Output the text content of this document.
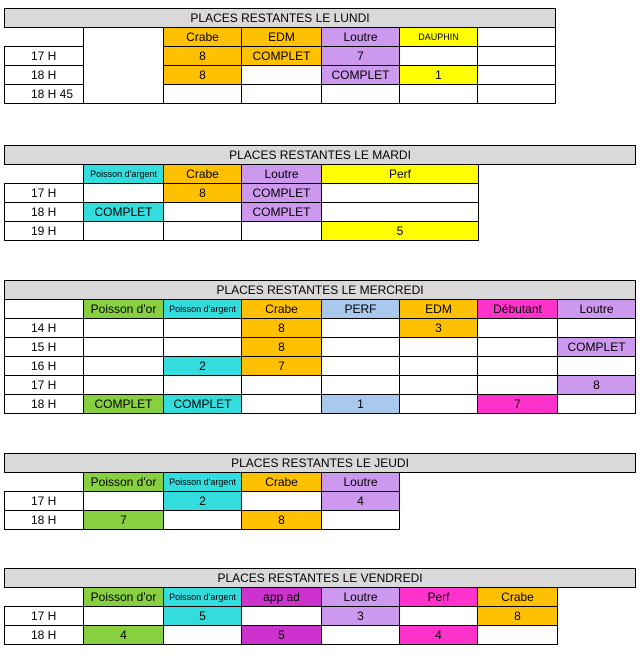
PLACES RESTANTES LE LUNDI						
		Crabe	EDM	Loutre	DAUPHIN	
17 H		8	COMPLET	7		
18 H		8		COMPLET	1	
18 H 45						
PLACES RESTANTES LE MARDI					
	Poisson d'argent	Crabe	Loutre	Perf	
17 H		8	COMPLET		
18 H	COMPLET		COMPLET		
19 H				5	
PLACES RESTANTES LE MERCREDI							
	Poisson d'or	Poisson d'argent	Crabe	PERF	EDM	Débutant	Loutre
14 H			8		3		
15 H			8				COMPLET
16 H		2	7				
17 H							8
18 H	COMPLET	COMPLET		1		7	
PLACES RESTANTES LE JEUDI					
	Poisson d'or	Poisson d'argent	Crabe	Loutre	
17 H		2		4	
18 H	7		8		
PLACES RESTANTES LE VENDREDI							
	Poisson d'or	Poisson d'argent	app ad	Loutre	Perf	Crabe	
17 H		5		3		8	
18 H	4		5		4		
